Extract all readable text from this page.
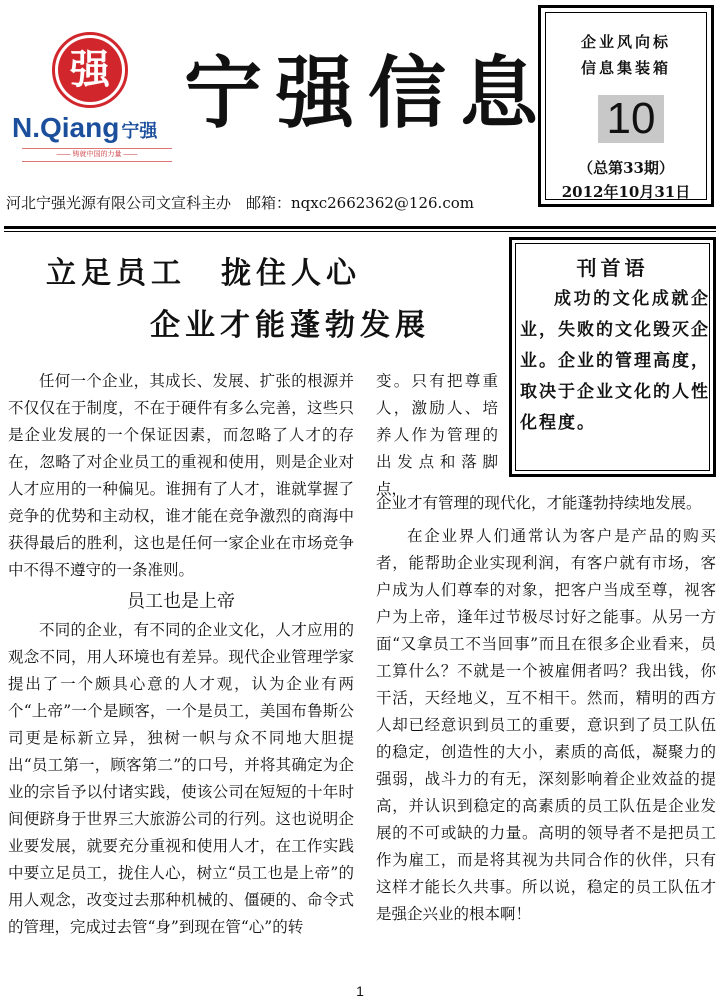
强
N.Qiang 宁强
—— 铸就中国的力量 ——
宁强信息
企业风向标
信息集装箱
10
（总第33期）
2012年10月31日
河北宁强光源有限公司文宣科主办　邮箱：nqxc2662362@126.com
立足员工　拢住人心
企业才能蓬勃发展
刊首语
成功的文化成就企业，失败的文化毁灭企业。企业的管理高度，取决于企业文化的人性化程度。

任何一个企业，其成长、发展、扩张的根源并不仅仅在于制度，不在于硬件有多么完善，这些只是企业发展的一个保证因素，而忽略了人才的存在，忽略了对企业员工的重视和使用，则是企业对人才应用的一种偏见。谁拥有了人才，谁就掌握了竞争的优势和主动权，谁才能在竞争激烈的商海中获得最后的胜利，这也是任何一家企业在市场竞争中不得不遵守的一条准则。

员工也是上帝

不同的企业，有不同的企业文化，人才应用的观念不同，用人环境也有差异。现代企业管理学家提出了一个颇具心意的人才观，认为企业有两个“上帝”一个是顾客，一个是员工，美国布鲁斯公司更是标新立异，独树一帜与众不同地大胆提出“员工第一，顾客第二”的口号，并将其确定为企业的宗旨予以付诸实践，使该公司在短短的十年时间便跻身于世界三大旅游公司的行列。这也说明企业要发展，就要充分重视和使用人才，在工作实践中要立足员工，拢住人心，树立“员工也是上帝”的用人观念，改变过去那种机械的、僵硬的、命令式的管理，完成过去管“身”到现在管“心”的转

变。只有把尊重人，激励人、培养人作为管理的出发点和落脚点，

企业才有管理的现代化，才能蓬勃持续地发展。

在企业界人们通常认为客户是产品的购买者，能帮助企业实现利润，有客户就有市场，客户成为人们尊奉的对象，把客户当成至尊，视客户为上帝，逢年过节极尽讨好之能事。从另一方面“又拿员工不当回事”而且在很多企业看来，员工算什么？不就是一个被雇佣者吗？我出钱，你干活，天经地义，互不相干。然而，精明的西方人却已经意识到员工的重要，意识到了员工队伍的稳定，创造性的大小，素质的高低，凝聚力的强弱，战斗力的有无，深刻影响着企业效益的提高，并认识到稳定的高素质的员工队伍是企业发展的不可或缺的力量。高明的领导者不是把员工作为雇工，而是将其视为共同合作的伙伴，只有这样才能长久共事。所以说，稳定的员工队伍才是强企兴业的根本啊！

1
